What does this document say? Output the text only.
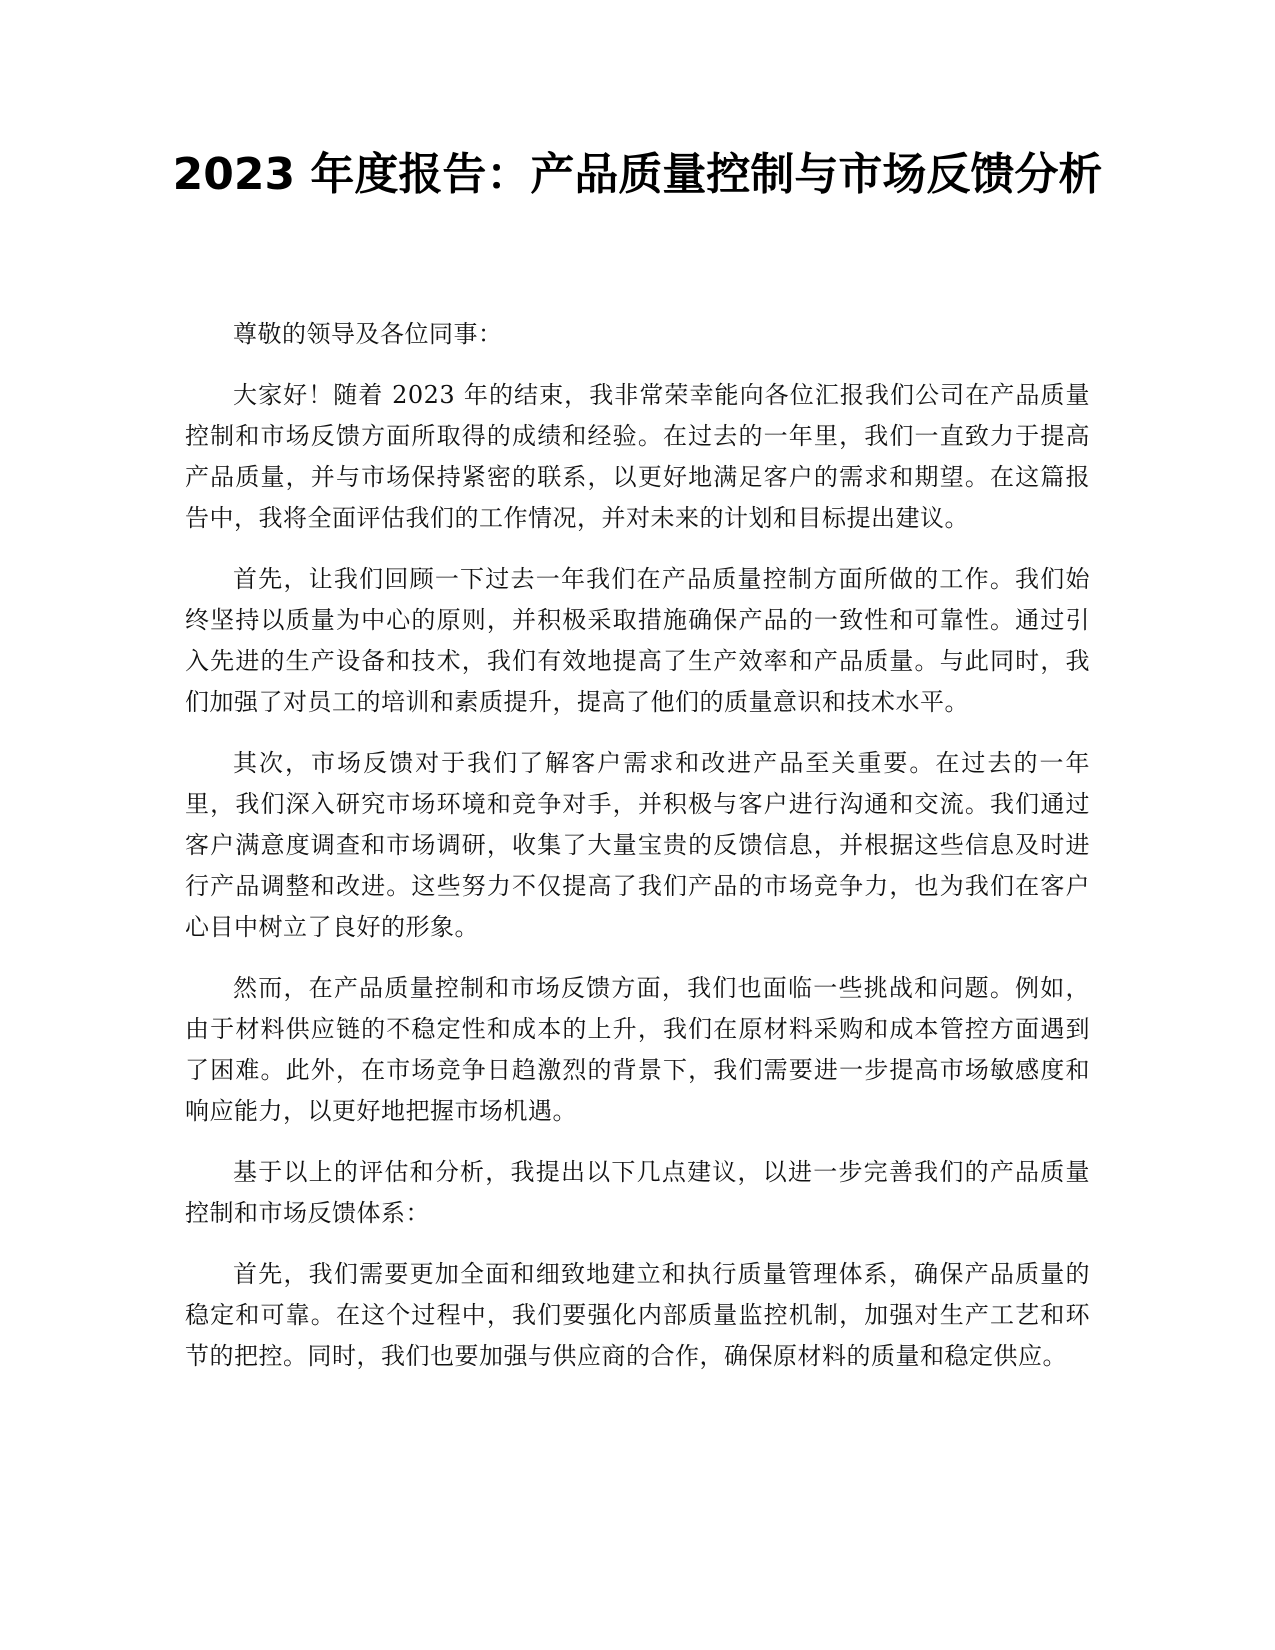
2023 年度报告：产品质量控制与市场反馈分析

尊敬的领导及各位同事：

大家好！随着 2023 年的结束，我非常荣幸能向各位汇报我们公司在产品质量控制和市场反馈方面所取得的成绩和经验。在过去的一年里，我们一直致力于提高产品质量，并与市场保持紧密的联系，以更好地满足客户的需求和期望。在这篇报告中，我将全面评估我们的工作情况，并对未来的计划和目标提出建议。

首先，让我们回顾一下过去一年我们在产品质量控制方面所做的工作。我们始终坚持以质量为中心的原则，并积极采取措施确保产品的一致性和可靠性。通过引入先进的生产设备和技术，我们有效地提高了生产效率和产品质量。与此同时，我们加强了对员工的培训和素质提升，提高了他们的质量意识和技术水平。

其次，市场反馈对于我们了解客户需求和改进产品至关重要。在过去的一年里，我们深入研究市场环境和竞争对手，并积极与客户进行沟通和交流。我们通过客户满意度调查和市场调研，收集了大量宝贵的反馈信息，并根据这些信息及时进行产品调整和改进。这些努力不仅提高了我们产品的市场竞争力，也为我们在客户心目中树立了良好的形象。

然而，在产品质量控制和市场反馈方面，我们也面临一些挑战和问题。例如，由于材料供应链的不稳定性和成本的上升，我们在原材料采购和成本管控方面遇到了困难。此外，在市场竞争日趋激烈的背景下，我们需要进一步提高市场敏感度和响应能力，以更好地把握市场机遇。

基于以上的评估和分析，我提出以下几点建议，以进一步完善我们的产品质量控制和市场反馈体系：

首先，我们需要更加全面和细致地建立和执行质量管理体系，确保产品质量的稳定和可靠。在这个过程中，我们要强化内部质量监控机制，加强对生产工艺和环节的把控。同时，我们也要加强与供应商的合作，确保原材料的质量和稳定供应。
